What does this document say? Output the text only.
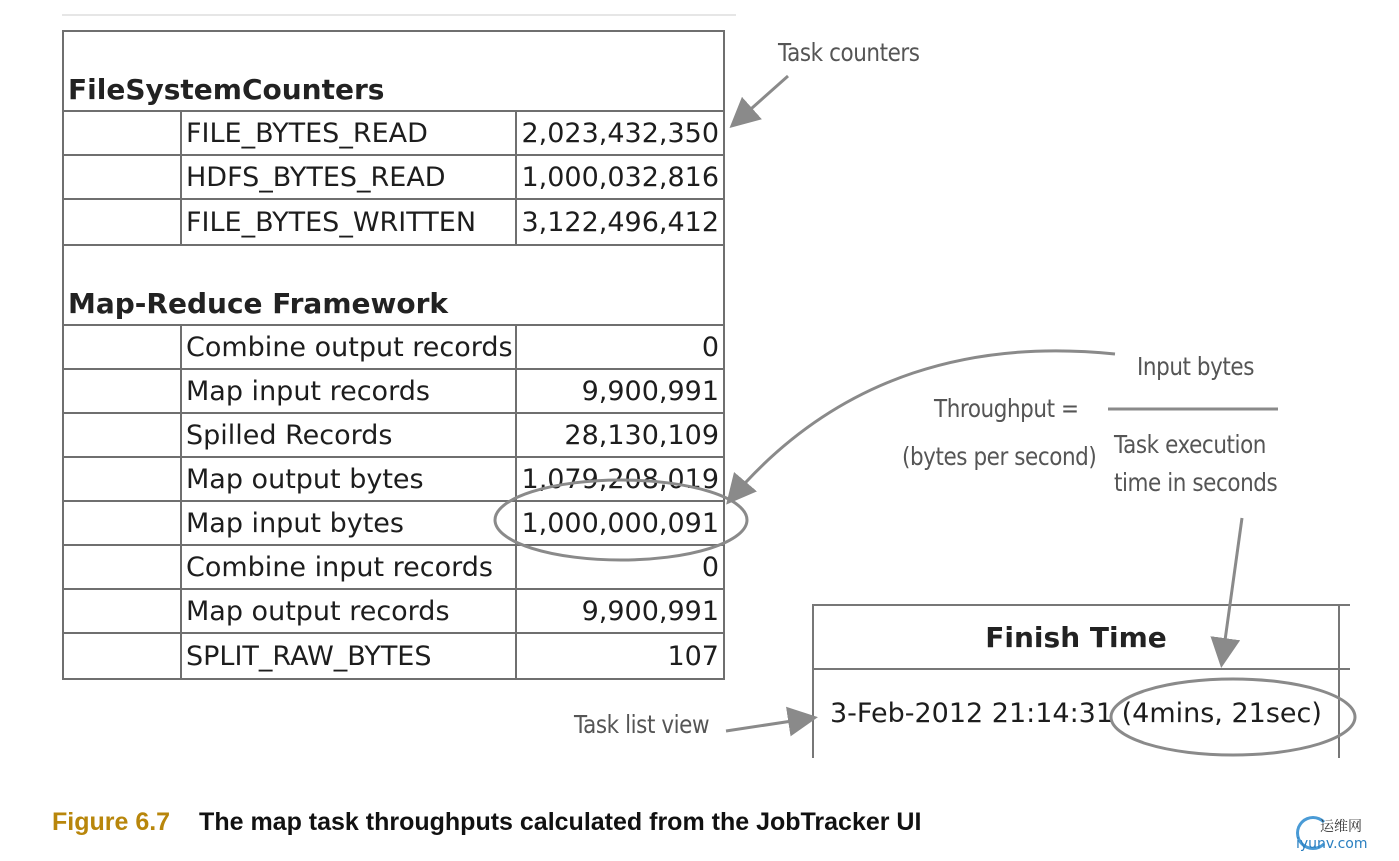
FileSystemCounters
FILE_BYTES_READ	2,023,432,350
HDFS_BYTES_READ	1,000,032,816
FILE_BYTES_WRITTEN	3,122,496,412
Map-Reduce Framework
Combine output records	0
Map input records	9,900,991
Spilled Records	28,130,109
Map output bytes	1,079,208,019
Map input bytes	1,000,000,091
Combine input records	0
Map output records	9,900,991
SPLIT_RAW_BYTES	107
Task counters
Input bytes
Throughput =
(bytes per second) Task execution
time in seconds
Task list view
Finish Time
3-Feb-2012 21:14:31 (4mins, 21sec)
Figure 6.7 The map task throughputs calculated from the JobTracker UI	运维网
iyunv.com
